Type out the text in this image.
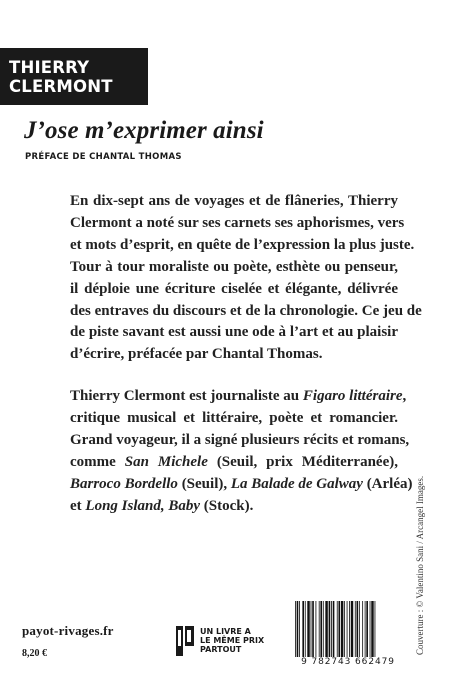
THIERRY
CLERMONT
J’ose m’exprimer ainsi
PRÉFACE DE CHANTAL THOMAS
En dix-sept ans de voyages et de flâneries, Thierry
Clermont a noté sur ses carnets ses aphorismes, vers
et mots d’esprit, en quête de l’expression la plus juste.
Tour à tour moraliste ou poète, esthète ou penseur,
il déploie une écriture ciselée et élégante, délivrée
des entraves du discours et de la chronologie. Ce jeu de
de piste savant est aussi une ode à l’art et au plaisir
d’écrire, préfacée par Chantal Thomas.
Thierry Clermont est journaliste au Figaro littéraire,
critique musical et littéraire, poète et romancier.
Grand voyageur, il a signé plusieurs récits et romans,
comme San Michele (Seuil, prix Méditerranée),
Barroco Bordello (Seuil), La Balade de Galway (Arléa)
et Long Island, Baby (Stock).
payot-rivages.fr
8,20 €
UN LIVRE A
LE MÊME PRIX
PARTOUT
9 782743 662479
Couverture : © Valentino Sani / Arcangel Images.
